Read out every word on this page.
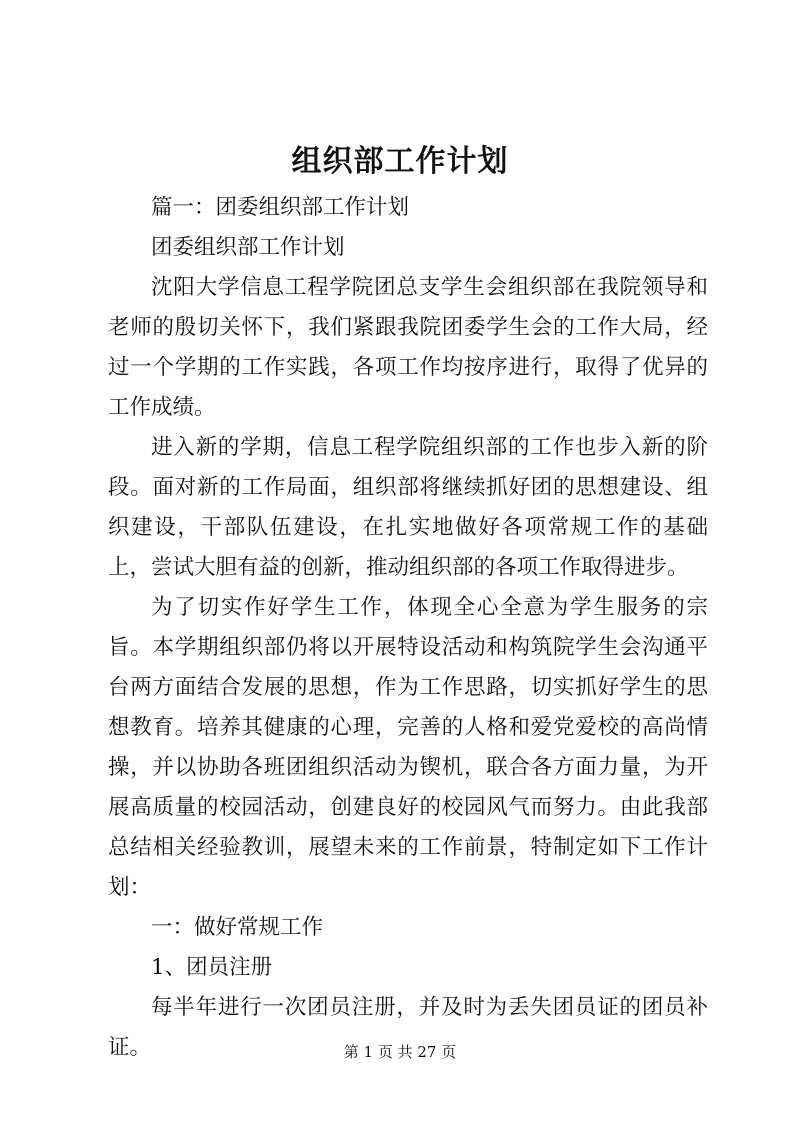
组织部工作计划

篇一：团委组织部工作计划

团委组织部工作计划

沈阳大学信息工程学院团总支学生会组织部在我院领导和老师的殷切关怀下，我们紧跟我院团委学生会的工作大局，经过一个学期的工作实践，各项工作均按序进行，取得了优异的工作成绩。

进入新的学期，信息工程学院组织部的工作也步入新的阶段。面对新的工作局面，组织部将继续抓好团的思想建设、组织建设，干部队伍建设，在扎实地做好各项常规工作的基础上，尝试大胆有益的创新，推动组织部的各项工作取得进步。

为了切实作好学生工作，体现全心全意为学生服务的宗旨。本学期组织部仍将以开展特设活动和构筑院学生会沟通平台两方面结合发展的思想，作为工作思路，切实抓好学生的思想教育。培养其健康的心理，完善的人格和爱党爱校的高尚情操，并以协助各班团组织活动为锲机，联合各方面力量，为开展高质量的校园活动，创建良好的校园风气而努力。由此我部总结相关经验教训，展望未来的工作前景，特制定如下工作计划：

一：做好常规工作

1、团员注册

每半年进行一次团员注册，并及时为丢失团员证的团员补证。	第 1 页 共 27 页
